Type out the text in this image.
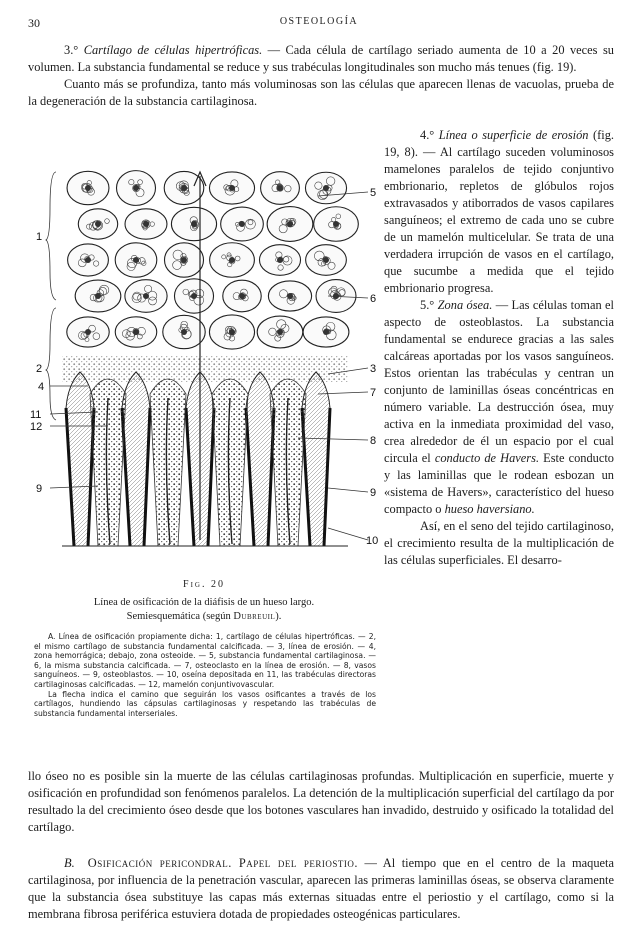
30	OSTEOLOGÍA

3.° Cartílago de células hipertróficas. — Cada célula de cartílago seriado aumenta de 10 a 20 veces su volumen. La substancia fundamental se reduce y sus trabéculas longitudinales son mucho más tenues (fig. 19).

Cuanto más se profundiza, tanto más voluminosas son las células que aparecen llenas de vacuolas, prueba de la degeneración de la substancia cartilaginosa.

4.° Línea o superficie de erosión (fig. 19, 8). — Al cartílago suceden voluminosos mamelones paralelos de tejido conjuntivo embrionario, repletos de glóbulos rojos extravasados y atiborrados de vasos capilares sanguíneos; el extremo de cada uno se cubre de un mamelón multicelular. Se trata de una verdadera irrupción de vasos en el cartílago, que sucumbe a medida que el tejido embrionario progresa.

5.° Zona ósea. — Las células toman el aspecto de osteoblastos. La substancia fundamental se endurece gracias a las sales calcáreas aportadas por los vasos sanguíneos. Estos orientan las trabéculas y centran un conjunto de laminillas óseas concéntricas en número variable. La destrucción ósea, muy activa en la inmediata proximidad del vaso, crea alrededor de él un espacio por el cual circula el conducto de Havers. Este conducto y las laminillas que le rodean esbozan un «sistema de Havers», característico del hueso compacto o hueso haversiano.

Así, en el seno del tejido cartilaginoso, el crecimiento resulta de la multiplicación de las células superficiales. El desarro-

1
2	3
4
5
6
7
8
9	9
10
11
12
Fig. 20
Línea de osificación de la diáfisis de un hueso largo.
Semiesquemática (según Dubreuil).

A. Línea de osificación propiamente dicha: 1, cartílago de células hipertróficas. — 2, el mismo cartílago de substancia fundamental calcificada. — 3, línea de erosión. — 4, zona hemorrágica; debajo, zona osteoide. — 5, substancia fundamental cartilaginosa. — 6, la misma substancia calcificada. — 7, osteoclasto en la línea de erosión. — 8, vasos sanguíneos. — 9, osteoblastos. — 10, oseína depositada en 11, las trabéculas directoras cartilaginosas calcificadas. — 12, mamelón conjuntivovascular.

La flecha indica el camino que seguirán los vasos osificantes a través de los cartílagos, hundiendo las cápsulas cartilaginosas y respetando las trabéculas de substancia fundamental interseriales.

llo óseo no es posible sin la muerte de las células cartilaginosas profundas. Multiplicación en superficie, muerte y osificación en profundidad son fenómenos paralelos. La detención de la multiplicación superficial del cartílago da por resultado la del crecimiento óseo desde que los botones vasculares han invadido, destruido y osificado la totalidad del cartílago.

B. Osificación pericondral. Papel del periostio. — Al tiempo que en el centro de la maqueta cartilaginosa, por influencia de la penetración vascular, aparecen las primeras laminillas óseas, se observa claramente que la substancia ósea substituye las capas más externas situadas entre el periostio y el cartílago, como si la membrana fibrosa periférica estuviera dotada de propiedades osteogénicas particulares.
